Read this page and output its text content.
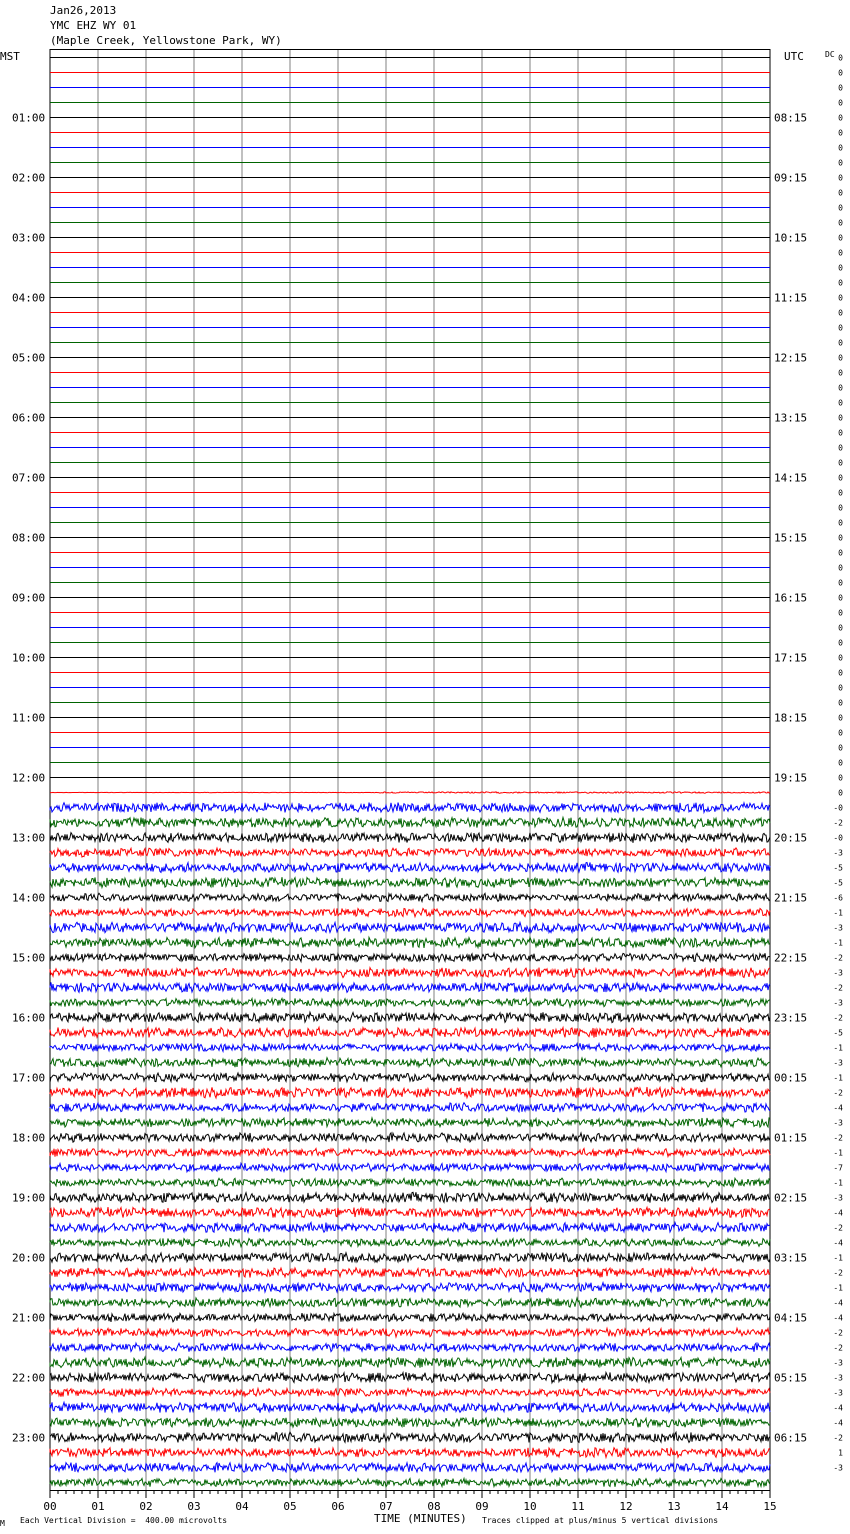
Jan26,2013
YMC EHZ WY 01
(Maple Creek, Yellowstone Park, WY)
MST	UTC	DC 0
0
0
0
0
0
0
0
0
0
0
0
0
0
0
0
0
0
0
0
0
0
0
0
0
0
0
0
0
0
0
0
0
0
0
0
0
0
0
0
0
0
0
0
0
0
0
0
0
0
-0
-2
-0
-3
-5
-5
-6
-1
-3
-1
-2
-3
-2
-3
-2
-5
-1
-3
-1
-2
-4
-3
-2
-1
-7
-1
-3
-4
-2
-4
-1
-2
-1
-4
-4
-2
-2
-3
-3
-3
-4
-4
-2
1
-3
01:00
02:00
03:00
04:00
05:00
06:00
07:00
08:00
09:00
10:00
11:00
12:00
13:00
14:00
15:00
16:00
17:00
18:00
19:00
20:00
21:00
22:00
23:00
08:15
09:15
10:15
11:15
12:15
13:15
14:15
15:15
16:15
17:15
18:15
19:15
20:15
21:15
22:15
23:15
00:15
01:15
02:15
03:15
04:15
05:15
06:15
00	01	02	03	04	05	06	07	08	09	10	11	12	13	14	15
M Each Vertical Division =  400.00 microvolts	TIME (MINUTES) Traces clipped at plus/minus 5 vertical divisions
